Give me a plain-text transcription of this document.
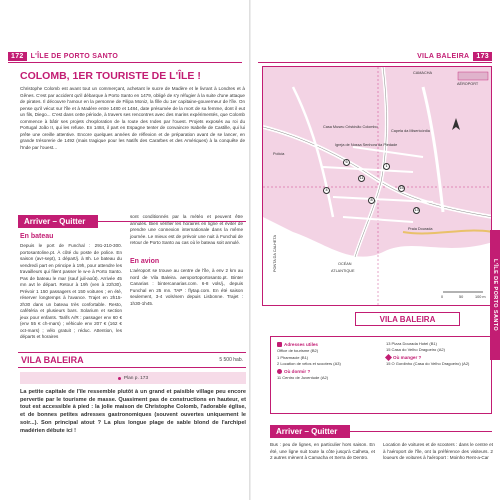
172	L'ÎLE DE PORTO SANTO
COLOMB, 1ER TOURISTE DE L'ÎLE !
Christophe Colomb est avant tout un commerçant, achetant le sucre de Madère et le livrant à Londres et à Gênes. C'est par accident qu'il débarque à Porto Santo en 1479, obligé de s'y réfugier à la suite d'une attaque de pirates. Il découvre l'amour en la personne de Filipa Moniz, la fille du 1er capitaine-gouverneur de l'île. On pense qu'il vécut sur l'île et à Madère entre 1480 et 1484, date présumée de la mort de sa femme, dont il eut un fils, Diego... C'est dans cette période, à travers ses rencontres avec des marins expérimentés, que Colomb commence à bâtir ses projets d'exploration de la route des Indes par l'ouest. Projets exposés au roi du Portugal João II, qui les refuse. En 1484, il part en Espagne tenter de convaincre Isabelle de Castille, qui lui prête une oreille attentive. Encore quelques années de réflexion et de préparation avant de se lancer, en grande trésorerie de 1492 (mais tragique pour les Natifs des Caraïbes et des Amériques) à la conquête de l'Inde par l'ouest...
Arriver – Quitter
En bateau
Depuis le port de Funchal : 291-210-300. portosantoline.pt. À côté du poste de police. En saison (avr-sept), 1 départ/j. à 8h. Le bateau du vendredi part en principe à 19h, pour attendre les travailleurs qui filent passer le w-e à Porto Santo. Pas de bateau le mar (sauf juil-août). Arrivée 45 mn avt le départ. Retour à 19h (ven à 22h30). Prévoir 1 150 passagers et 150 voitures ; en été, réserver longtemps à l'avance. Trajet en 2h15-2h30 dans un bateau très confortable. Resto, cafétéria et plusieurs bars. Solarium et section jeux pour enfants. Tarifs A/R : passager env 60 € (env 55 € ch-mars) ; véhicule env 207 € (162 € oct-mars) ; vélo gratuit ; réduc. Attention, les départs et horaires
sont conditionnés par la météo et peuvent être annulés. Bien vérifier les horaires en ligne et éviter de prendre une connexion internationale dans la même journée. Le mieux est de prévoir une nuit à Funchal de retour de Porto Santo au cas où le bateau soit annulé.
En avion
L'aéroport se trouve au centre de l'île, à env 2 km au nord de Vila Baleira. aeroportoportosanto.pt. Binter Canarias : bintercanarias.com. 6-8 vols/j., depuis Funchal en 25 mn. TAP : flytap.com. En été saison seulement, 3-4 vols/sem depuis Lisbonne. Trajet : 1h30-1h45.
VILA BALEIRA	5 500 hab.
Plan p. 173
La petite capitale de l'île ressemble plutôt à un grand et paisible village peu encore pervertie par le tourisme de masse. Quasiment pas de constructions en hauteur, et tout est accessible à pied : la jolie maison de Christophe Colomb, l'adorable église, et de bonnes petites adresses gastronomiques (souvent ouvertes uniquement le soir...). Son principal atout ? La plus longue plage de sable blond de l'archipel madérien débute ici !
VILA BALEIRA	173
CAMACHA
AÉROPORT
Capela da Misericórdia
Casa Museu Cristóvão Colombo
Igreja de Nossa Senhora da Piedade
Polícia
Praia Dourada
OCÉAN
ATLANTIQUE
PONTA DA CALHETA
0	50	100 m
1
4
11
13
15
6
8
VILA BALEIRA
Adresses utiles
Office de tourisme (B2)
1 Pharmacie (B1)
2 Location de vélos et scooters (A3)
Où dormir ?
11 Centro de Juventude (A2)
13 Pizza Dourada Hotel (B1)
15 Casa do Velho Dragoeiro (A2)
Où manger ?
15 O Gordinho (Casa do Velho Dragoeiro) (A2)
Arriver – Quitter
Bus : peu de lignes, en particulier hors saison. En été, une ligne suit toute la côte jusqu'à Calheta, et 2 autres mènent à Camacha et Serra de Dentro.
Location de voitures et de scooters : dans le centre et à l'aéroport de l'île, ont la préférence des visiteurs. 2 loueurs de voitures à l'aéroport : Moinho Rent-a-Car
L'ÎLE DE PORTO SANTO
